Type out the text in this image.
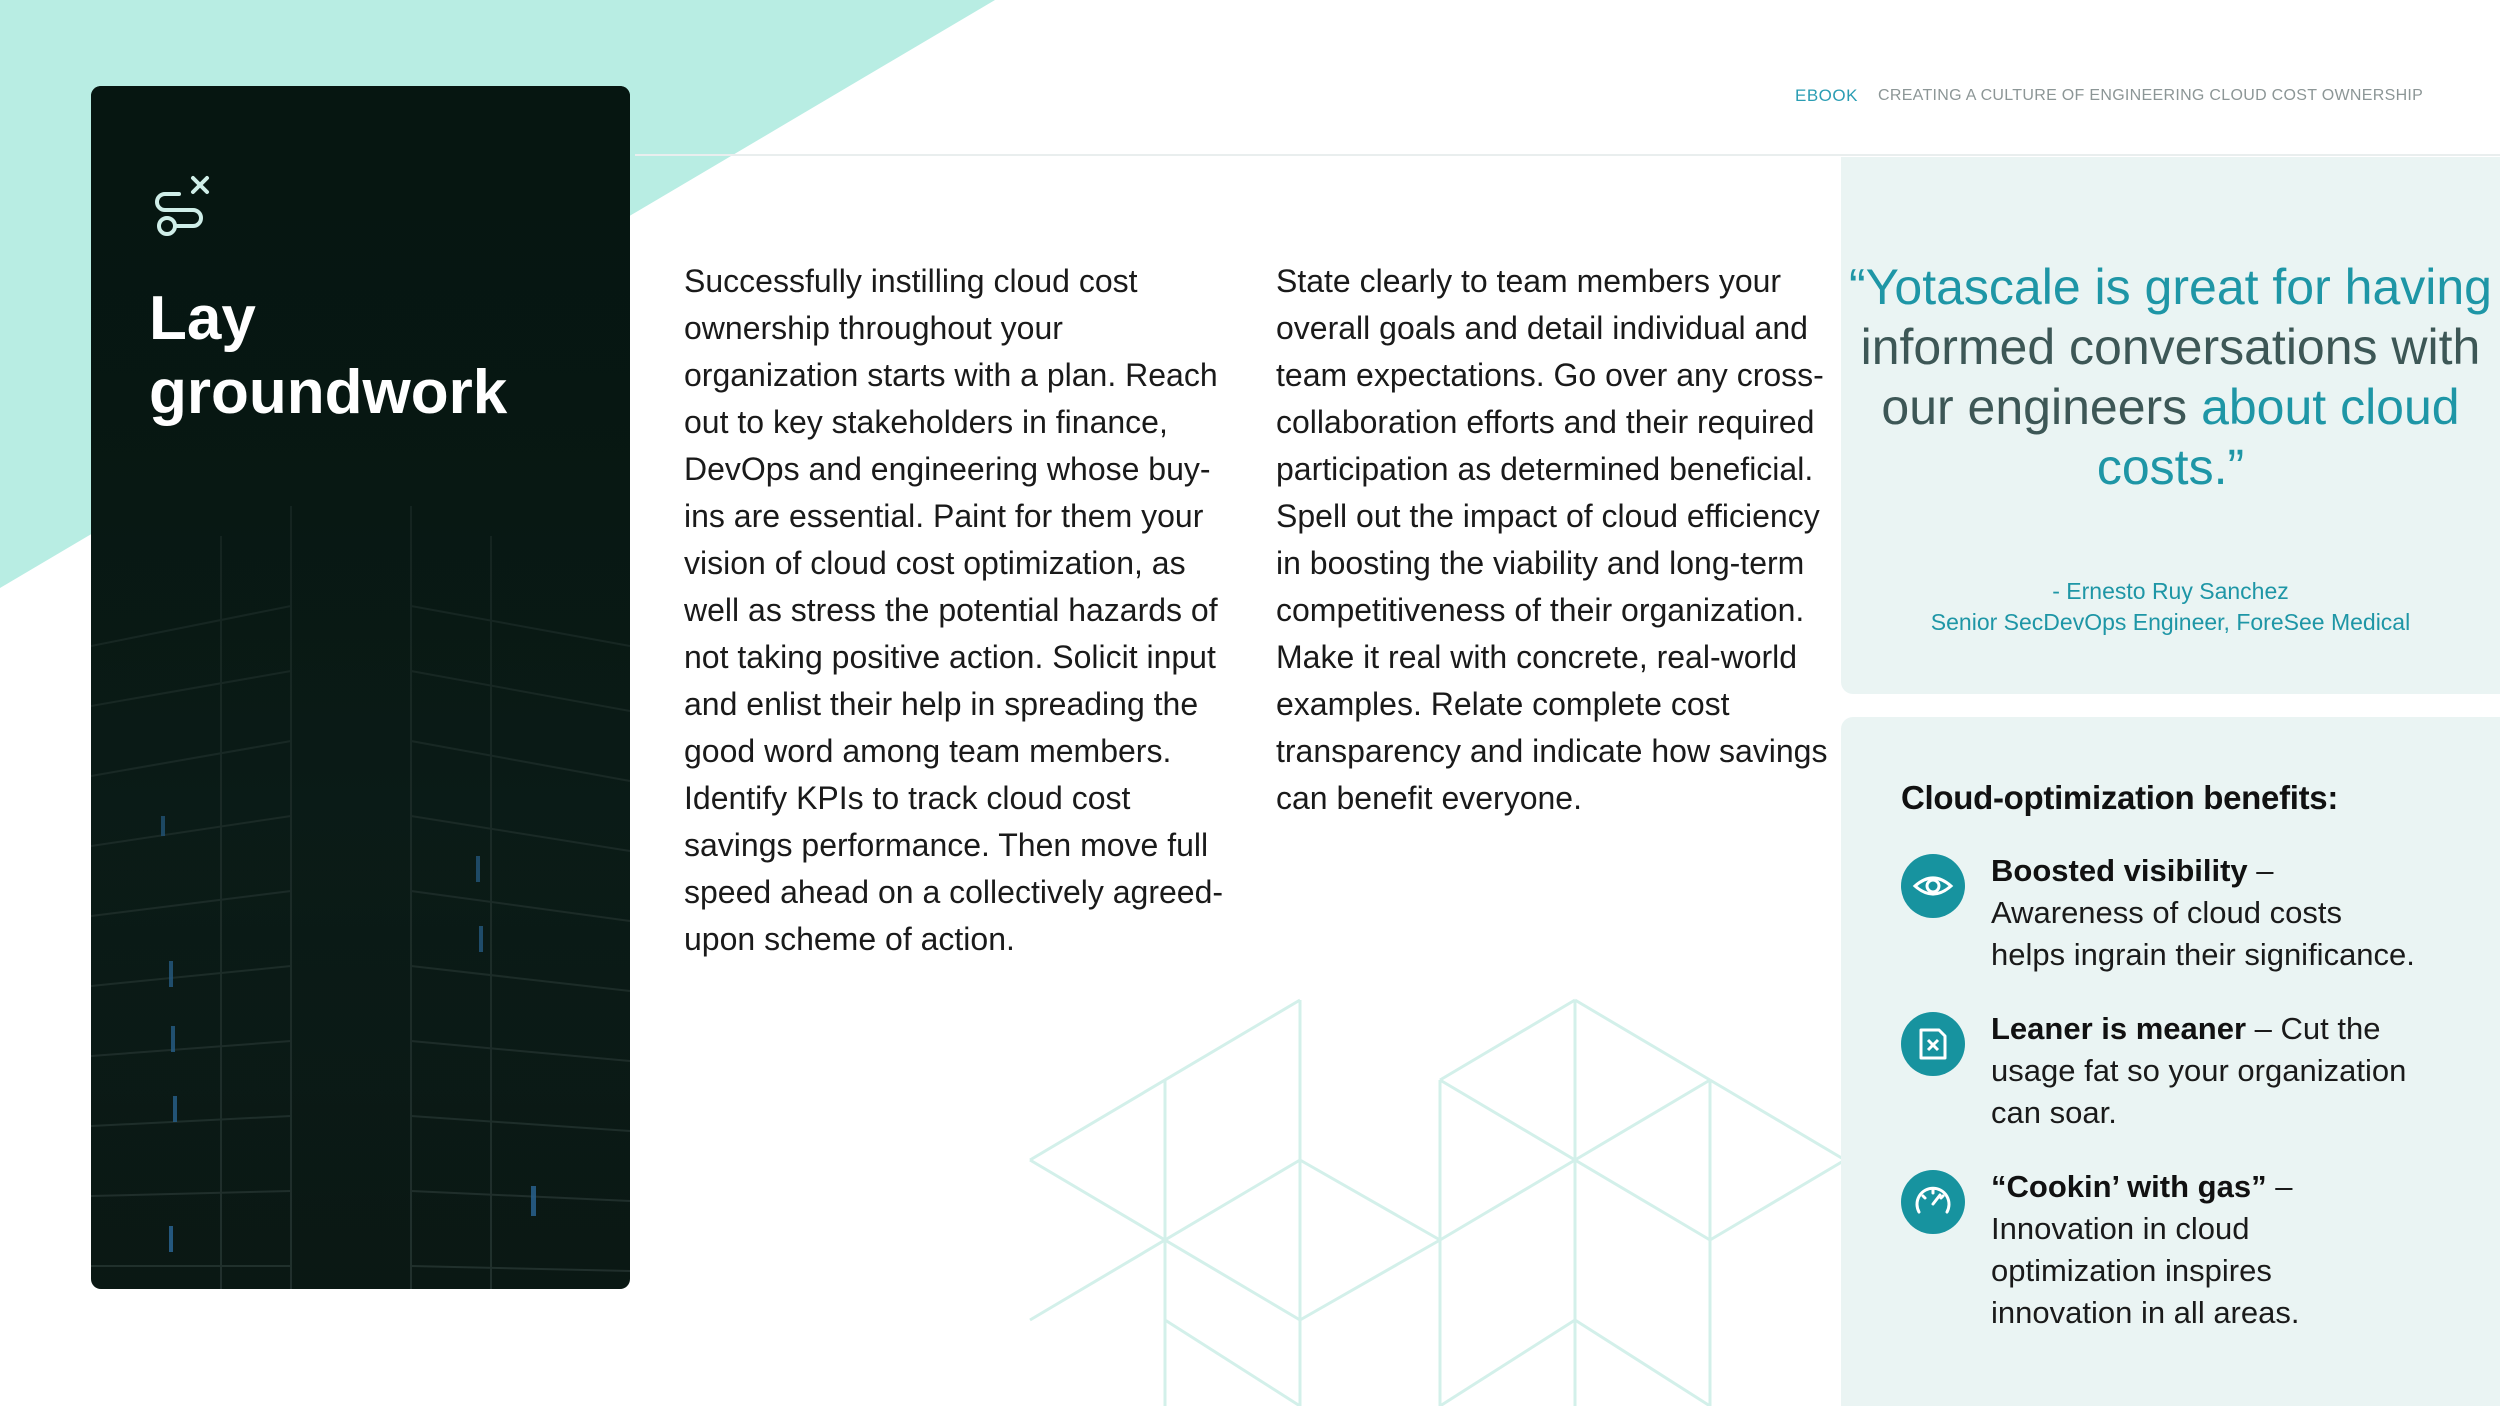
EBOOK CREATING A CULTURE OF ENGINEERING CLOUD COST OWNERSHIP
Lay
groundwork

Successfully instilling cloud cost ownership throughout your organization starts with a plan. Reach out to key stakeholders in finance, DevOps and engineering whose buy-ins are essential. Paint for them your vision of cloud cost optimization, as well as stress the potential hazards of not taking positive action. Solicit input and enlist their help in spreading the good word among team members. Identify KPIs to track cloud cost savings performance. Then move full speed ahead on a collectively agreed-upon scheme of action.

State clearly to team members your overall goals and detail individual and team expectations. Go over any cross-collaboration efforts and their required participation as determined beneficial. Spell out the impact of cloud efficiency in boosting the viability and long-term competitiveness of their organization. Make it real with concrete, real-world examples. Relate complete cost transparency and indicate how savings can benefit everyone.

“Yotascale is great for having informed conversations with our engineers about cloud costs.”
- Ernesto Ruy Sanchez
Senior SecDevOps Engineer, ForeSee Medical
Cloud-optimization benefits:
Boosted visibility – Awareness of cloud costs helps ingrain their significance.
Leaner is meaner – Cut the usage fat so your organization can soar.
“Cookin’ with gas” – Innovation in cloud optimization inspires innovation in all areas.
